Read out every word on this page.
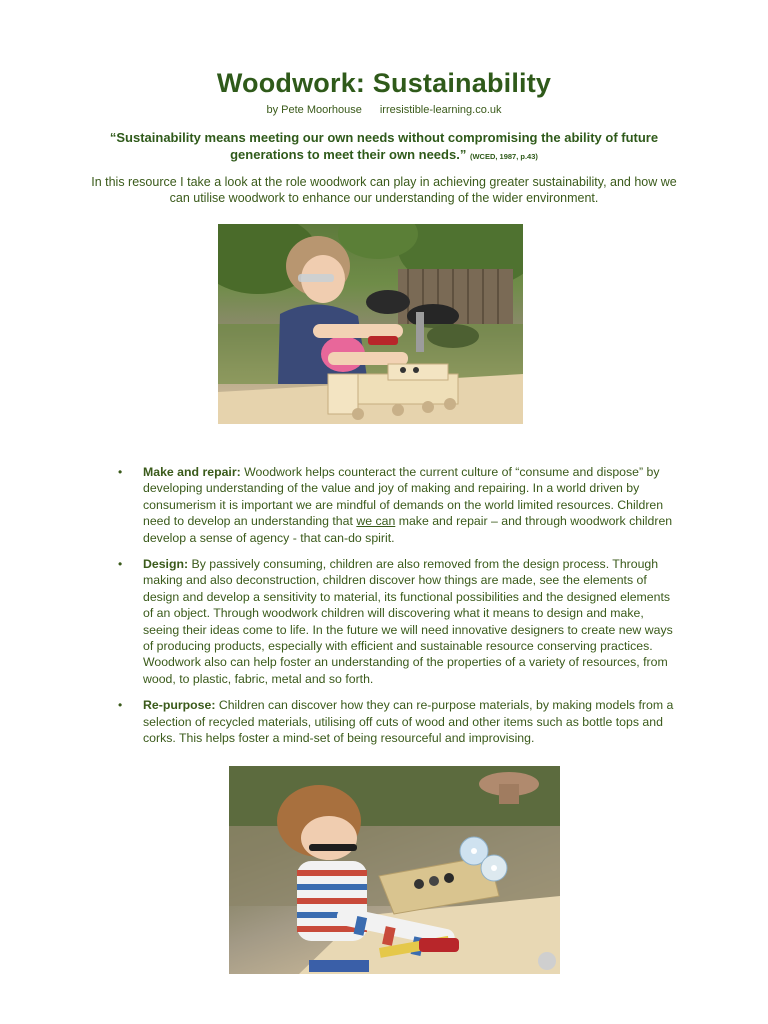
Woodwork: Sustainability
by Pete Moorhouse irresistible-learning.co.uk
“Sustainability means meeting our own needs without compromising the ability of future generations to meet their own needs.” (WCED, 1987, p.43)
In this resource I take a look at the role woodwork can play in achieving greater sustainability, and how we can utilise woodwork to enhance our understanding of the wider environment.
• Make and repair: Woodwork helps counteract the current culture of “consume and dispose” by developing understanding of the value and joy of making and repairing. In a world driven by consumerism it is important we are mindful of demands on the world limited resources. Children need to develop an understanding that we can make and repair – and through woodwork children develop a sense of agency - that can-do spirit.
• Design: By passively consuming, children are also removed from the design process. Through making and also deconstruction, children discover how things are made, see the elements of design and develop a sensitivity to material, its functional possibilities and the designed elements of an object. Through woodwork children will discovering what it means to design and make, seeing their ideas come to life. In the future we will need innovative designers to create new ways of producing products, especially with efficient and sustainable resource conserving practices. Woodwork also can help foster an understanding of the properties of a variety of resources, from wood, to plastic, fabric, metal and so forth.
• Re-purpose: Children can discover how they can re-purpose materials, by making models from a selection of recycled materials, utilising off cuts of wood and other items such as bottle tops and corks. This helps foster a mind-set of being resourceful and improvising.
